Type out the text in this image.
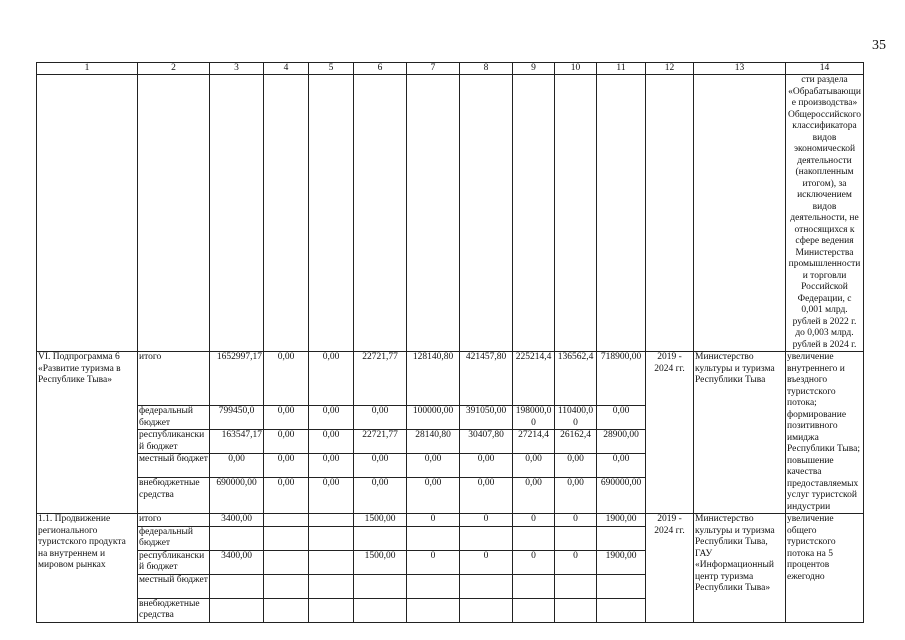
35
1	2	3	4	5	6	7	8	9	10	11	12	13	14
													сти раздела «Обрабатывающие производства» Общероссийского классификатора видов экономической деятельности (накопленным итогом), за исключением видов деятельности, не относящихся к сфере ведения Министерства промышленности и торговли Российской Федерации, с 0,001 млрд. рублей в 2022 г. до 0,003 млрд. рублей в 2024 г.
VI. Подпрограмма 6 «Развитие туризма в Республике Тыва»	итого	1652997,17	0,00	0,00	22721,77	128140,80	421457,80	225214,4	136562,4	718900,00	2019 - 2024 гг.	Министерство культуры и туризма Республики Тыва	увеличение внутреннего и въездного туристского потока; формирование позитивного имиджа Республики Тыва; повышение качества предоставляемых услуг туристской индустрии
	федеральный бюджет	799450,0	0,00	0,00	0,00	100000,00	391050,00	198000,0 0	110400,0 0	0,00			
	республиканский бюджет	163547,17	0,00	0,00	22721,77	28140,80	30407,80	27214,4	26162,4	28900,00			
	местный бюджет	0,00	0,00	0,00	0,00	0,00	0,00	0,00	0,00	0,00			
	внебюджетные средства	690000,00	0,00	0,00	0,00	0,00	0,00	0,00	0,00	690000,00			
1.1. Продвижение регионального туристского продукта на внутреннем и мировом рынках	итого	3400,00			1500,00	0	0	0	0	1900,00	2019 - 2024 гг.	Министерство культуры и туризма Республики Тыва, ГАУ «Информационный центр туризма Республики Тыва»	увеличение общего туристского потока на 5 процентов ежегодно
	федеральный бюджет												
	республиканский бюджет	3400,00			1500,00	0	0	0	0	1900,00			
	местный бюджет												
	внебюджетные средства												
